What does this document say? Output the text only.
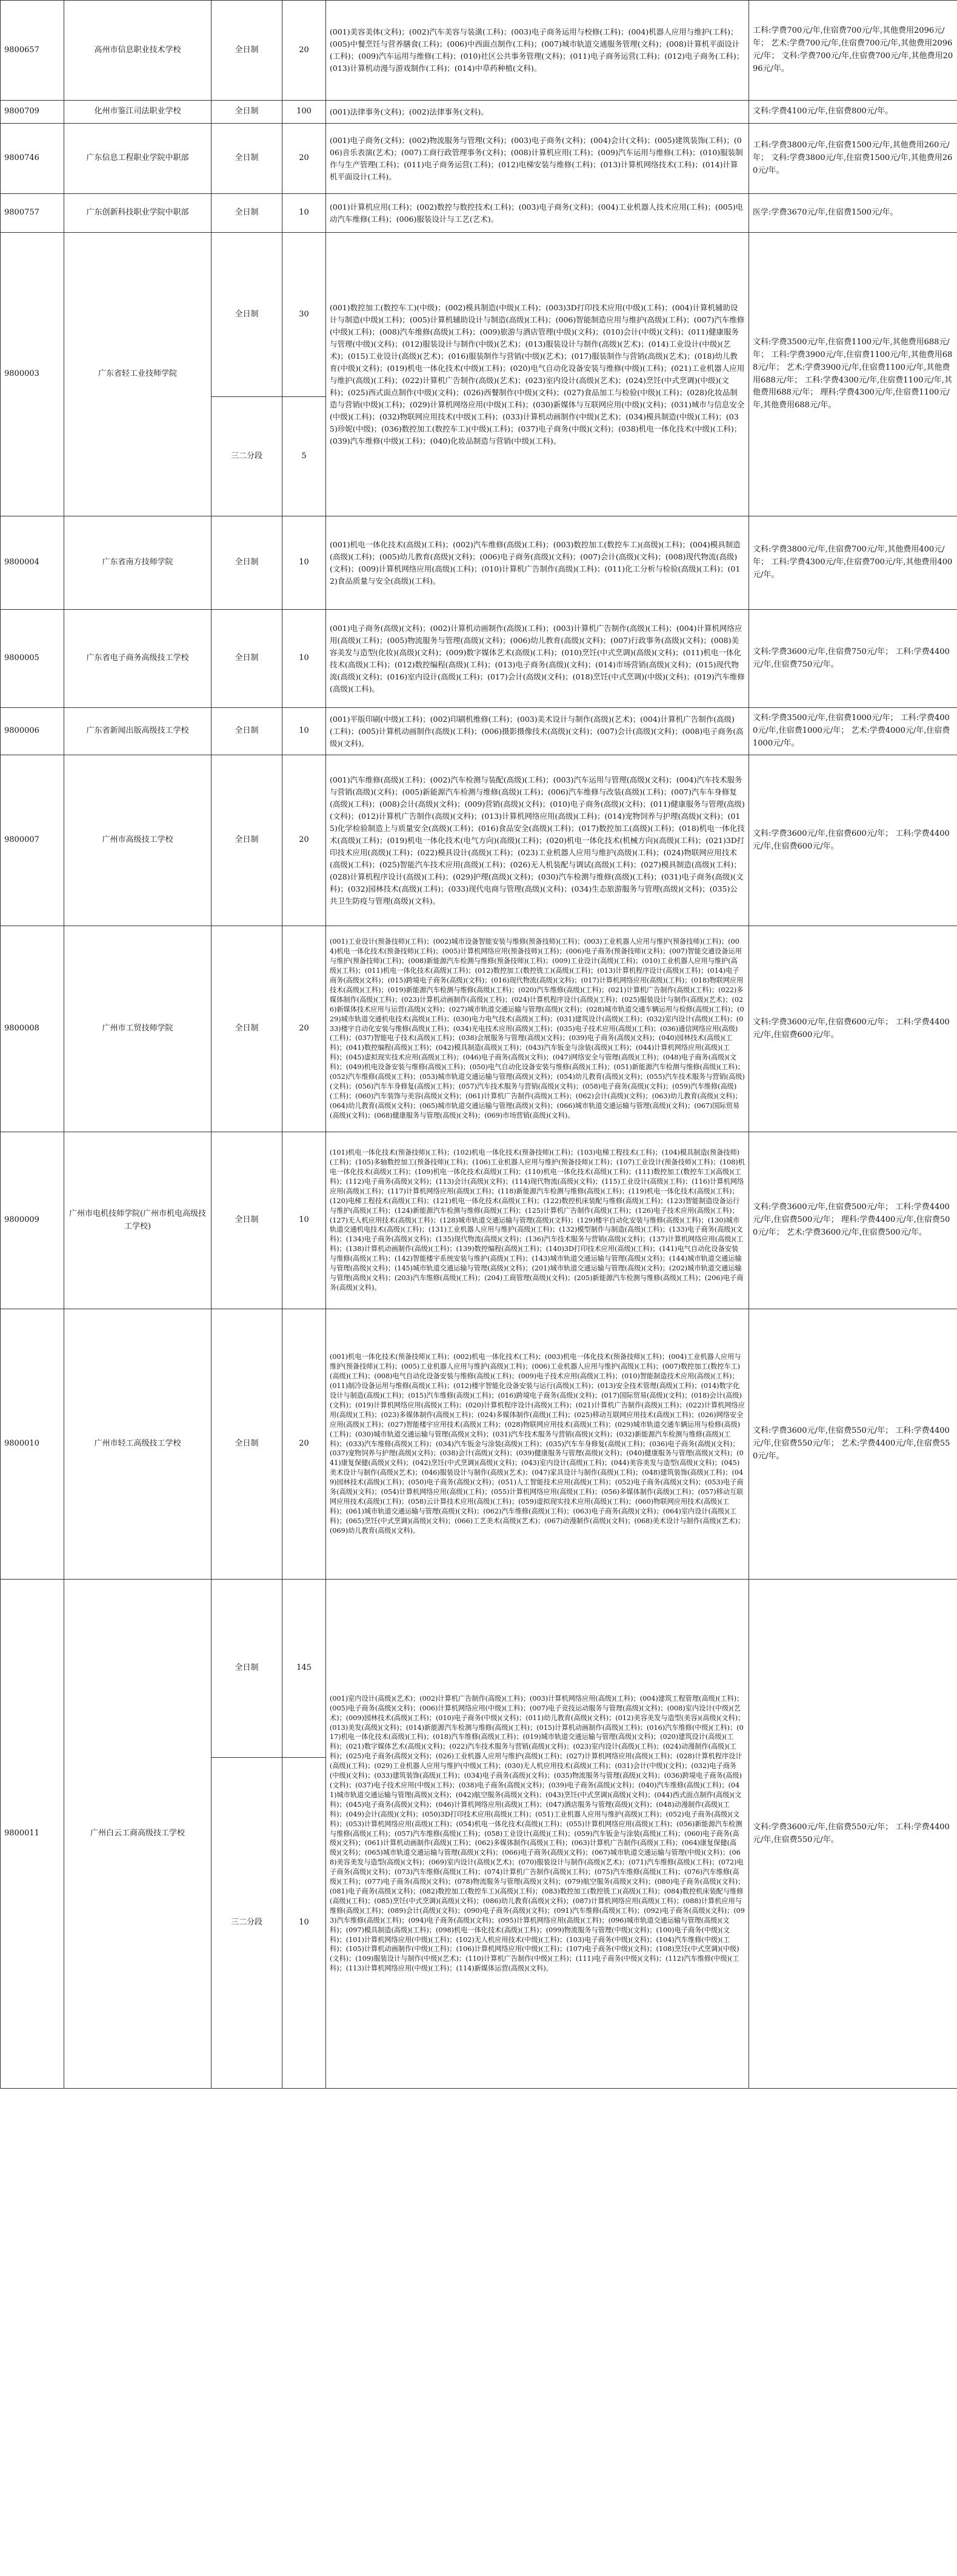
9800657	高州市信息职业技术学校	全日制	20	(001)美容美体(文科)；(002)汽车美容与装潢(工科)；(003)电子商务运用与校修(工科)；(004)机器人应用与维护(工科)；(005)中餐烹饪与营养膳食(工科)；(006)中西面点制作(工科)；(007)城市轨道交通服务管理(文科)；(008)计算机平面设计(工科)；(009)汽车运用与维修(工科)；(010)社区公共事务管理(文科)；(011)电子商务运营(工科)；(012)电子商务(工科)；(013)计算机动漫与游戏制作(工科)；(014)中草药种植(文科)。	工科:学费700元/年,住宿费700元/年,其他费用2096元/年； 艺术:学费700元/年,住宿费700元/年,其他费用2096元/年； 文科:学费700元/年,住宿费700元/年,其他费用2096元/年。
9800709	化州市鉴江司法职业学校	全日制	100	(001)法律事务(文科)；(002)法律事务(文科)。	文科:学费4100元/年,住宿费800元/年。
9800746	广东信息工程职业学院中职部	全日制	20	(001)电子商务(文科)；(002)物流服务与管理(文科)；(003)电子商务(文科)；(004)会计(文科)；(005)建筑装饰(工科)；(006)音乐表演(艺术)；(007)工商行政管理事务(文科)；(008)计算机应用(工科)；(009)汽车运用与维修(工科)；(010)服装制作与生产管理(工科)；(011)电子商务运营(工科)；(012)电梯安装与维修(工科)；(013)计算机网络技术(工科)；(014)计算机平面设计(工科)。	工科:学费3800元/年,住宿费1500元/年,其他费用260元/年； 文科:学费3800元/年,住宿费1500元/年,其他费用260元/年。
9800757	广东创新科技职业学院中职部	全日制	10	(001)计算机应用(工科)；(002)数控与数控技术(工科)；(003)电子商务(文科)；(004)工业机器人技术应用(工科)；(005)电动汽车维修(工科)；(006)服装设计与工艺(艺术)。	医学:学费3670元/年,住宿费1500元/年。
9800003	广东省轻工业技师学院	全日制	30	(001)数控加工(数控车工)(中级)；(002)模具制造(中级)(工科)；(003)3D打印技术应用(中级)(工科)；(004)计算机辅助设计与制造(中级)(工科)；(005)计算机辅助设计与制造(高级)(工科)；(006)智能制造应用与维护(高级)(工科)；(007)汽车维修(中级)(工科)；(008)汽车维修(高级)(工科)；(009)旅游与酒店管理(中级)(文科)；(010)会计(中级)(文科)；(011)健康服务与管理(中级)(文科)；(012)服装设计与制作(中级)(艺术)；(013)服装设计与制作(高级)(艺术)；(014)工业设计(中级)(艺术)；(015)工业设计(高级)(艺术)；(016)服装制作与营销(中级)(艺术)；(017)服装制作与营销(高级)(艺术)；(018)幼儿教育(中级)(文科)；(019)机电一体化技术(中级)(工科)；(020)电气自动化设备安装与维修(中级)(工科)；(021)工业机器人应用与维护(高级)(工科)；(022)计算机广告制作(高级)(艺术)；(023)室内设计(高级)(艺术)；(024)烹饪(中式烹调)(中级)(文科)；(025)西式面点制作(中级)(文科)；(026)西餐制作(中级)(文科)；(027)食品加工与检验(中级)(工科)；(028)化妆品制造与营销(中级)(工科)；(029)计算机网络应用(中级)(工科)；(030)新媒体与互联网应用(中级)(文科)；(031)城市与信息安全(中级)(工科)；(032)物联网应用技术(中级)(工科)；(033)计算机动画制作(中级)(艺术)；(034)模具制造(中级)(工科)；(035)珍妮(中级)；(036)数控加工(数控车工)(中级)(工科)；(037)电子商务(中级)(文科)；(038)机电一体化技术(中级)(工科)；(039)汽车维修(中级)(工科)；(040)化妆品制造与营销(中级)(工科)。	文科:学费3500元/年,住宿费1100元/年,其他费用688元/年； 工科:学费3900元/年,住宿费1100元/年,其他费用688元/年； 艺术:学费3900元/年,住宿费1100元/年,其他费用688元/年； 工科:学费4300元/年,住宿费1100元/年,其他费用688元/年； 理科:学费4300元/年,住宿费1100元/年,其他费用688元/年。
		三二分段	5		
9800004	广东省南方技师学院	全日制	10	(001)机电一体化技术(高级)(工科)；(002)汽车维修(高级)(工科)；(003)数控加工(数控车工)(高级)(工科)；(004)模具制造(高级)(工科)；(005)幼儿教育(高级)(文科)；(006)电子商务(高级)(文科)；(007)会计(高级)(文科)；(008)现代物流(高级)(文科)；(009)计算机网络应用(高级)(工科)；(010)计算机广告制作(高级)(工科)；(011)化工分析与检验(高级)(工科)；(012)食品质量与安全(高级)(工科)。	文科:学费3800元/年,住宿费700元/年,其他费用400元/年； 工科:学费4300元/年,住宿费700元/年,其他费用400元/年。
9800005	广东省电子商务高级技工学校	全日制	10	(001)电子商务(高级)(文科)；(002)计算机动画制作(高级)(工科)；(003)计算机广告制作(高级)(工科)；(004)计算机网络应用(高级)(工科)；(005)物流服务与管理(高级)(文科)；(006)幼儿教育(高级)(文科)；(007)行政事务(高级)(文科)；(008)美容美发与造型(化妆)(高级)(文科)；(009)数字媒体艺术(高级)(工科)；(010)烹饪(中式烹调)(高级)(文科)；(011)机电一体化技术(高级)(工科)；(012)数控编程(高级)(工科)；(013)电子商务(高级)(文科)；(014)市场营销(高级)(文科)；(015)现代物流(高级)(文科)；(016)室内设计(高级)(工科)；(017)会计(高级)(文科)；(018)烹饪(中式烹调)(中级)(文科)；(019)汽车维修(高级)(工科)。	文科:学费3600元/年,住宿费750元/年； 工科:学费4400元/年,住宿费750元/年。
9800006	广东省新闻出版高级技工学校	全日制	10	(001)平版印刷(中级)(工科)；(002)印刷机维修(工科)；(003)美术设计与制作(高级)(艺术)；(004)计算机广告制作(高级)(工科)；(005)计算机动画制作(高级)(工科)；(006)摄影摄像技术(高级)(文科)；(007)会计(高级)(文科)；(008)电子商务(高级)(文科)。	文科:学费3500元/年,住宿费1000元/年； 工科:学费4000元/年,住宿费1000元/年； 艺术:学费4000元/年,住宿费1000元/年。
9800007	广州市高级技工学校	全日制	20	(001)汽车维修(高级)(工科)；(002)汽车检测与装配(高级)(工科)；(003)汽车运用与管理(高级)(文科)；(004)汽车技术服务与营销(高级)(文科)；(005)新能源汽车检测与维修(高级)(工科)；(006)汽车维修与改装(高级)(工科)；(007)汽车车身修复(高级)(工科)；(008)会计(高级)(文科)；(009)营销(高级)(文科)；(010)电子商务(高级)(文科)；(011)健康服务与管理(高级)(文科)；(012)计算机广告制作(高级)(文科)；(013)计算机网络应用(高级)(工科)；(014)宠物饲养与护理(高级)(文科)；(015)化学检验制造上与质量安全(高级)(工科)；(016)食品安全(高级)(工科)；(017)数控加工(高级)(工科)；(018)机电一体化技术(高级)(工科)；(019)机电一体化技术(电气方向)(高级)(工科)；(020)机电一体化技术(机械方向)(高级)(工科)；(021)3D打印技术应用(高级)(工科)；(022)模具设计(高级)(工科)；(023)工业机器人应用与维护(高级)(工科)；(024)物联网应用技术(高级)(工科)；(025)智能汽车技术应用(高级)(工科)；(026)无人机装配与调试(高级)(工科)；(027)模具制造(高级)(工科)；(028)计算机程序设计(高级)(工科)；(029)护理(高级)(文科)；(030)汽车检测与维修(高级)(工科)；(031)电子商务(高级)(文科)；(032)园林技术(高级)(工科)；(033)现代电商与管理(高级)(文科)；(034)生态旅游服务与管理(高级)(文科)；(035)公共卫生防疫与管理(高级)(文科)。	文科:学费3600元/年,住宿费600元/年； 工科:学费4400元/年,住宿费600元/年。
9800008	广州市工贸技师学院	全日制	20	(001)工业设计(预备技师)(工科)；(002)城市设备智能安装与维修(预备技师)(工科)；(003)工业机器人应用与维护(预备技师)(工科)；(004)机电一体化技术(预备技师)(工科)；(005)计算机网络应用(预备技师)(工科)；(006)电子商务(预备技师)(文科)；(007)智能交通设备运用与维护(预备技师)(工科)；(008)新能源汽车检测与维修(预备技师)(工科)；(009)工业设计(高级)(工科)；(010)工业机器人应用与维护(高级)(工科)；(011)机电一体化技术(高级)(工科)；(012)数控加工(数控铣工)(高级)(工科)；(013)计算机程序设计(高级)(工科)；(014)电子商务(高级)(文科)；(015)跨境电子商务(高级)(文科)；(016)现代物流(高级)(文科)；(017)计算机网络应用(高级)(工科)；(018)物联网应用技术(高级)(工科)；(019)新能源汽车检测与维修(高级)(工科)；(020)汽车维修(高级)(工科)；(021)计算机广告制作(高级)(工科)；(022)多媒体制作(高级)(工科)；(023)计算机动画制作(高级)(工科)；(024)计算机程序设计(高级)(工科)；(025)服装设计与制作(高级)(艺术)；(026)新媒体技术应用与运营(高级)(文科)；(027)城市轨道交通运输与管理(高级)(文科)；(028)城市轨道交通车辆运用与检修(高级)(工科)；(029)城市轨道交通机电技术(高级)(工科)；(030)电力电气技术(高级)(工科)；(031)建筑设计(高级)(工科)；(032)室内设计(高级)(工科)；(033)楼宇自动化安装与维修(高级)(工科)；(034)光电技术应用(高级)(工科)；(035)电子技术应用(高级)(工科)；(036)通信网络应用(高级)(工科)；(037)智能电子技术(高级)(工科)；(038)会展服务与管理(高级)(文科)；(039)电子商务(高级)(文科)；(040)园林技术(高级)(工科)；(041)数控编程(高级)(工科)；(042)模具制造(高级)(工科)；(043)汽车钣金与涂装(高级)(工科)；(044)计算机网络应用(高级)(工科)；(045)虚拟现实技术应用(高级)(工科)；(046)电子商务(高级)(文科)；(047)网络安全与管理(高级)(工科)；(048)电子商务(高级)(文科)；(049)机电设备安装与维修(高级)(工科)；(050)电气自动化设备安装与维修(高级)(工科)；(051)新能源汽车检测与维修(高级)(工科)；(052)汽车维修(高级)(工科)；(053)城市轨道交通运输与管理(高级)(文科)；(054)幼儿教育(高级)(文科)；(055)汽车技术服务与营销(高级)(文科)；(056)汽车车身修复(高级)(工科)；(057)汽车技术服务与营销(高级)(文科)；(058)电子商务(高级)(文科)；(059)汽车维修(高级)(工科)；(060)汽车装饰与美容(高级)(文科)；(061)计算机广告制作(高级)(工科)；(062)会计(高级)(文科)；(063)幼儿教育(高级)(文科)；(064)幼儿教育(高级)(文科)；(065)城市轨道交通运输与管理(高级)(文科)；(066)城市轨道交通运输与管理(高级)(文科)；(067)国际贸易(高级)(文科)；(068)健康服务与管理(高级)(文科)；(069)市场营销(高级)(文科)。	文科:学费3600元/年,住宿费600元/年； 工科:学费4400元/年,住宿费600元/年。
9800009	广州市电机技师学院(广州市机电高级技工学校)	全日制	10	(101)机电一体化技术(预备技师)(工科)；(102)机电一体化技术(预备技师)(工科)；(103)电梯工程技术(工科)；(104)模具制造(预备技师)(工科)；(105)多轴数控加工(预备技师)(工科)；(106)工业机器人应用与维护(预备技师)(工科)；(107)工业设计(预备技师)(工科)；(108)机电一体化技术(高级)(工科)；(109)机电一体化技术(高级)(工科)；(110)机电一体化技术(高级)(工科)；(111)数控加工(数控车工)(高级)(工科)；(112)电子商务(高级)(文科)；(113)会计(高级)(文科)；(114)现代物流(高级)(文科)；(115)工业设计(高级)(工科)；(116)计算机网络应用(高级)(工科)；(117)计算机网络应用(高级)(工科)；(118)新能源汽车检测与维修(高级)(工科)；(119)机电一体化技术(高级)(工科)；(120)电梯工程技术(高级)(工科)；(121)机电一体化技术(高级)(工科)；(122)数控机床装配与维修(高级)(工科)；(123)智能制造设备运行与维护(高级)(工科)；(124)新能源汽车检测与维修(高级)(工科)；(125)计算机广告制作(高级)(工科)；(126)电子技术应用(高级)(工科)；(127)无人机应用技术(高级)(工科)；(128)城市轨道交通运输与管理(高级)(文科)；(129)楼宇自动化安装与维修(高级)(工科)；(130)城市轨道交通机电技术(高级)(工科)；(131)工业机器人应用与维护(高级)(工科)；(132)模型制作与制造(高级)(工科)；(133)电子商务(高级)(文科)；(134)电子商务(高级)(文科)；(135)现代物流(高级)(文科)；(136)汽车技术服务与营销(高级)(文科)；(137)计算机网络应用(高级)(工科)；(138)计算机动画制作(高级)(工科)；(139)数控编程(高级)(工科)；(140)3D打印技术应用(高级)(工科)；(141)电气自动化设备安装与维修(高级)(工科)；(142)智能楼宇系统安装与维护(高级)(工科)；(143)城市轨道交通运输与管理(高级)(文科)；(144)城市轨道交通运输与管理(高级)(文科)；(145)城市轨道交通运输与管理(高级)(文科)；(201)城市轨道交通运输与管理(高级)(文科)；(202)城市轨道交通运输与管理(高级)(文科)；(203)汽车维修(高级)(工科)；(204)工商管理(高级)(文科)；(205)新能源汽车检测与维修(高级)(工科)；(206)电子商务(高级)(文科)。	文科:学费3600元/年,住宿费500元/年； 工科:学费4400元/年,住宿费500元/年； 理科:学费4400元/年,住宿费500元/年； 艺术:学费3600元/年,住宿费500元/年。
9800010	广州市轻工高级技工学校	全日制	20	(001)机电一体化技术(预备技师)(工科)；(002)机电一体化技术(工科)；(003)机电一体化技术(预备技师)(工科)；(004)工业机器人应用与维护(预备技师)(工科)；(005)工业机器人应用与维护(高级)(工科)；(006)工业机器人应用与维护(高级)(工科)；(007)数控加工(数控车工)(高级)(工科)；(008)电气自动化设备安装与维修(高级)(工科)；(009)电子技术应用(高级)(工科)；(010)智能制造技术应用(高级)(工科)；(011)制冷设备运用与维修(高级)(工科)；(012)楼宇智能化设备安装与运行(高级)(工科)；(013)安全技术管理(高级)(工科)；(014)数字化设计与制造(高级)(工科)；(015)汽车维修(高级)(工科)；(016)跨境电子商务(高级)(文科)；(017)国际贸易(高级)(文科)；(018)会计(高级)(文科)；(019)计算机网络应用(高级)(工科)；(020)计算机程序设计(高级)(工科)；(021)计算机广告制作(高级)(工科)；(022)计算机网络应用(高级)(工科)；(023)多媒体制作(高级)(工科)；(024)多媒体制作(高级)(工科)；(025)移动互联网应用技术(高级)(工科)；(026)网络安全应用(高级)(工科)；(027)智能楼宇应用技术(高级)(工科)；(028)物联网应用技术(高级)(工科)；(029)城市轨道交通车辆运用与检修(高级)(工科)；(030)城市轨道交通运输与管理(高级)(文科)；(031)汽车技术服务与营销(高级)(文科)；(032)新能源汽车检测与维修(高级)(工科)；(033)汽车维修(高级)(工科)；(034)汽车钣金与涂装(高级)(工科)；(035)汽车车身修复(高级)(工科)；(036)电子商务(高级)(文科)；(037)宠物饲养与护理(高级)(文科)；(038)会计(高级)(文科)；(039)健康服务与管理(高级)(文科)；(040)健康服务与管理(高级)(文科)；(041)康复保健(高级)(文科)；(042)烹饪(中式烹调)(高级)(文科)；(043)室内设计(高级)(工科)；(044)美容美发与造型(高级)(文科)；(045)美术设计与制作(高级)(艺术)；(046)服装设计与制作(高级)(艺术)；(047)家具设计与制作(高级)(工科)；(048)建筑装饰(高级)(工科)；(049)园林技术(高级)(工科)；(050)电子商务(高级)(文科)；(051)人工智能技术应用(高级)(工科)；(052)电子商务(高级)(文科)；(053)电子商务(高级)(文科)；(054)计算机网络应用(高级)(工科)；(055)计算机网络应用(高级)(工科)；(056)多媒体制作(高级)(工科)；(057)移动互联网应用技术(高级)(工科)；(058)云计算技术应用(高级)(工科)；(059)虚拟现实技术应用(高级)(工科)；(060)物联网应用技术(高级)(工科)；(061)城市轨道交通运输与管理(高级)(文科)；(062)汽车维修(高级)(工科)；(063)电子商务(高级)(文科)；(064)室内设计(高级)(工科)；(065)烹饪(中式烹调)(高级)(文科)；(066)工艺美术(高级)(艺术)；(067)动漫制作(高级)(文科)；(068)美术设计与制作(高级)(艺术)；(069)幼儿教育(高级)(文科)。	文科:学费3600元/年,住宿费550元/年； 工科:学费4400元/年,住宿费550元/年； 艺术:学费4400元/年,住宿费550元/年。
9800011	广州白云工商高级技工学校	全日制	145	(001)室内设计(高级)(艺术)；(002)计算机广告制作(高级)(工科)；(003)计算机网络应用(高级)(工科)；(004)建筑工程管理(高级)(工科)；(005)电子商务(高级)(文科)；(006)计算机网络应用(中级)(工科)；(007)电子竞技运动服务与管理(高级)(文科)；(008)室内设计(中级)(艺术)；(009)园林技术(高级)(工科)；(010)电子商务(中级)(文科)；(011)幼儿教育(高级)(文科)；(012)美容美发与造型(美容)(高级)(文科)；(013)美发(高级)(文科)；(014)新能源汽车检测与维修(高级)(工科)；(015)计算机动画制作(高级)(工科)；(016)汽车维修(中级)(工科)；(017)机电一体化技术(高级)(工科)；(018)汽车维修(高级)(工科)；(019)城市轨道交通运输与管理(高级)(文科)；(020)建筑设计(高级)(工科)；(021)数字媒体艺术(高级)(文科)；(022)汽车技术服务与营销(高级)(文科)；(023)室内设计(高级)(工科)；(024)动漫制作(高级)(工科)；(025)电子商务(高级)(文科)；(026)工业机器人应用与维护(高级)(工科)；(027)计算机网络应用(高级)(工科)；(028)计算机程序设计(高级)(工科)；(029)工业机器人应用与维护(中级)(工科)；(030)无人机应用技术(高级)(工科)；(031)会计(中级)(文科)；(032)电子商务(中级)(文科)；(033)建筑装饰(高级)(工科)；(034)电子商务(高级)(文科)；(035)物流服务与管理(高级)(文科)；(036)跨境电子商务(高级)(文科)；(037)电子技术应用(中级)(工科)；(038)电子商务(高级)(文科)；(039)电子商务(高级)(文科)；(040)汽车维修(高级)(工科)；(041)城市轨道交通运输与管理(高级)(文科)；(042)航空服务(高级)(文科)；(043)烹饪(中式烹调)(高级)(文科)；(044)西式面点制作(高级)(文科)；(045)电子商务(高级)(文科)；(046)计算机网络应用(高级)(工科)；(047)酒店服务与管理(高级)(文科)；(048)动漫制作(高级)(工科)；(049)会计(高级)(文科)；(050)3D打印技术应用(高级)(工科)；(051)工业机器人应用与维护(高级)(工科)；(052)电子商务(高级)(文科)；(053)计算机网络应用(高级)(工科)；(054)机电一体化技术(高级)(工科)；(055)计算机网络应用(高级)(工科)；(056)新能源汽车检测与维修(高级)(工科)；(057)汽车维修(高级)(工科)；(058)工业设计(高级)(工科)；(059)汽车钣金与涂装(高级)(工科)；(060)电子商务(高级)(文科)；(061)计算机动画制作(高级)(工科)；(062)多媒体制作(高级)(工科)；(063)计算机广告制作(高级)(工科)；(064)康复保健(高级)(文科)；(065)城市轨道交通运输与管理(高级)(文科)；(066)电子商务(高级)(文科)；(067)城市轨道交通运输与管理(中级)(文科)；(068)美容美发与造型(高级)(文科)；(069)室内设计(高级)(艺术)；(070)服装设计与制作(高级)(艺术)；(071)汽车维修(高级)(工科)；(072)电子商务(高级)(文科)；(073)汽车维修(高级)(工科)；(074)计算机广告制作(高级)(工科)；(075)汽车维修(高级)(工科)；(076)汽车维修(高级)(工科)；(077)电子商务(高级)(文科)；(078)物流服务与管理(高级)(文科)；(079)航空服务(高级)(文科)；(080)电子商务(高级)(文科)；(081)电子商务(高级)(文科)；(082)数控加工(数控车工)(高级)(工科)；(083)数控加工(数控铣工)(高级)(工科)；(084)数控机床装配与维修(高级)(工科)；(085)烹饪(中式烹调)(高级)(文科)；(086)幼儿教育(高级)(文科)；(087)计算机网络应用(高级)(工科)；(088)计算机应用与维修(高级)(工科)；(089)会计(高级)(文科)；(090)电子商务(高级)(文科)；(091)汽车维修(高级)(工科)；(092)电子商务(高级)(文科)；(093)汽车维修(高级)(工科)；(094)电子商务(高级)(文科)；(095)计算机网络应用(高级)(工科)；(096)城市轨道交通运输与管理(高级)(文科)；(097)模具制造(高级)(工科)；(098)机电一体化技术(高级)(工科)；(099)物流服务与管理(中级)(文科)；(100)电子商务(中级)(文科)；(101)计算机网络应用(中级)(工科)；(102)无人机应用技术(中级)(工科)；(103)电子商务(中级)(文科)；(104)汽车维修(中级)(工科)；(105)计算机动画制作(中级)(工科)；(106)计算机网络应用(中级)(工科)；(107)电子商务(中级)(文科)；(108)烹饪(中式烹调)(中级)(文科)；(109)服装设计与制作(中级)(艺术)；(110)计算机广告制作(中级)(工科)；(111)电子商务(中级)(文科)；(112)汽车维修(中级)(工科)；(113)计算机网络应用(中级)(工科)；(114)新媒体运营(高级)(文科)。	文科:学费3600元/年,住宿费550元/年； 工科:学费4400元/年,住宿费550元/年。
		三二分段	10		
